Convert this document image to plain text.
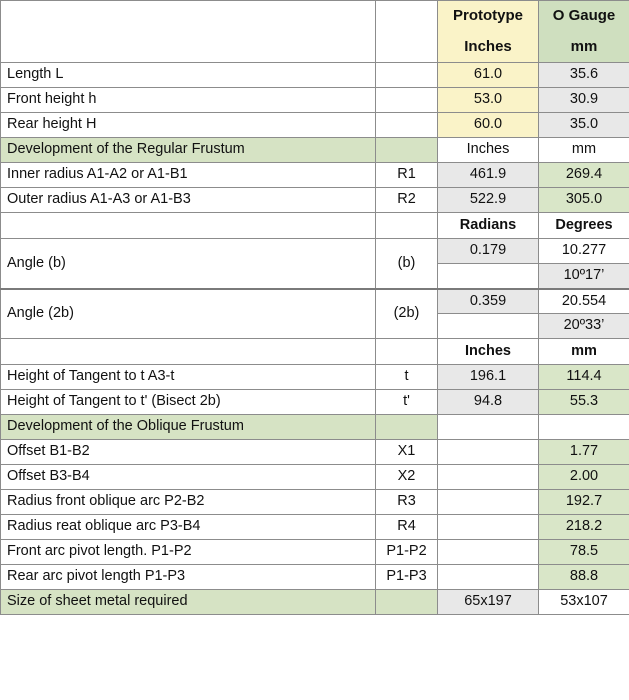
		Prototype	O Gauge
		Inches	mm
Length L		61.0	35.6
Front height h		53.0	30.9
Rear height H		60.0	35.0
Development of the Regular Frustum		Inches	mm
Inner radius A1-A2 or A1-B1	R1	461.9	269.4
Outer radius A1-A3 or A1-B3	R2	522.9	305.0
		Radians	Degrees
Angle (b)	(b)	0.179	10.277
			10º17’
Angle (2b)	(2b)	0.359	20.554
			20º33’
		Inches	mm
Height of Tangent to t A3-t	t	196.1	114.4
Height of Tangent to t' (Bisect 2b)	t'	94.8	55.3
Development of the Oblique Frustum			
Offset B1-B2	X1		1.77
Offset B3-B4	X2		2.00
Radius front oblique arc P2-B2	R3		192.7
Radius reat oblique arc P3-B4	R4		218.2
Front arc pivot length. P1-P2	P1-P2		78.5
Rear arc pivot length P1-P3	P1-P3		88.8
Size of sheet metal required		65x197	53x107
